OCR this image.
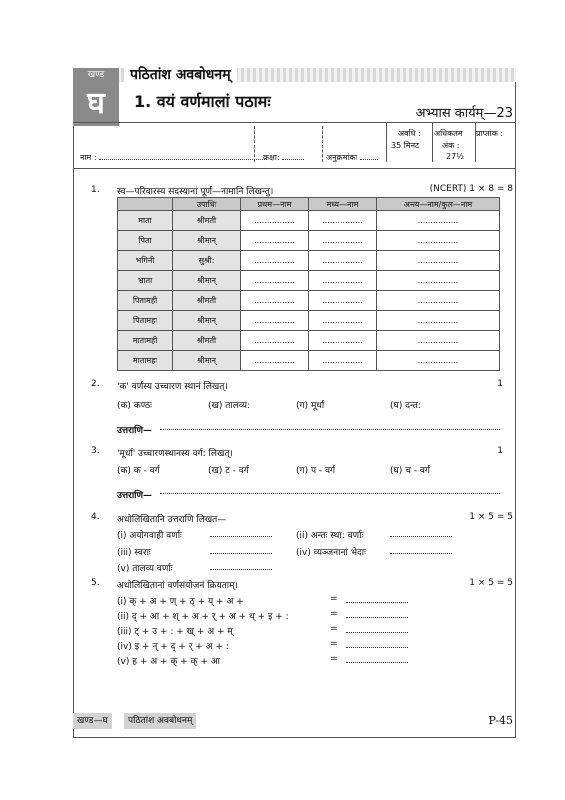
खण्ड	पठितांश अवबोधनम्
घ	1. वयं वर्णमालां पठामः
अभ्यास कार्यम्—23
नाम :	कक्षा:	अनुक्रमांकः
अवधि :
35 मिनट
अधिकतम
अंक :
27½
प्राप्तांक :
1. स्व—परिवारस्य सदस्यानां पूर्ण—नामानि लिखन्तु।	(NCERT) 1 × 8 = 8
	उपाधिः	प्रथम—नाम	मध्य—नाम	अन्त्य—नाम/कुल—नाम
माता	श्रीमती	................	................	................
पिता	श्रीमान्	................	................	................
भगिनी	सुश्री:	................	................	................
भ्राता	श्रीमान्	................	................	................
पितामही	श्रीमती	................	................	................
पितामहः	श्रीमान्	................	................	................
मातामही	श्रीमती	................	................	................
मातामहः	श्रीमान्	................	................	................
2. 'क' वर्णस्य उच्चारण स्थानं लिखत्।	1
(क) कण्ठः	(ख) तालव्य:	(ग) मूर्धा	(घ) दन्त:
उत्तराणि—
3. 'मूर्धा' उच्चारणस्थानस्य वर्ग: लिखत्।	1
(क) क - वर्ग	(ख) ट - वर्ग	(ग) प - वर्ग	(घ) च - वर्ग
उत्तराणि—
4. अधोलिखितानि उत्तराणि लिखत—	1 × 5 = 5
(i) अयोगवाही वर्णाः	(ii) अन्तः स्था: वर्णाः
(iii) स्वराः	(iv) व्यञ्जनानां भेदाः
(v) तालव्य वर्णाः
5. अधोलिखितानां वर्णसंयोजनं क्रियताम्।	1 × 5 = 5
(i) क् + अ + ण् + ठ् + य् + अ +	=
(ii) द् + आ + श् + अ + र् + अ + थ् + इ + :	=
(iii) ट् + उ + : + ख् + अ + म्	=
(iv) इ + न् + द् + र् + अ + :	=
(v) ह + अ + क् + क् + आ	=
खण्ड—घ	पठितांश अवबोधनम्	P-45
